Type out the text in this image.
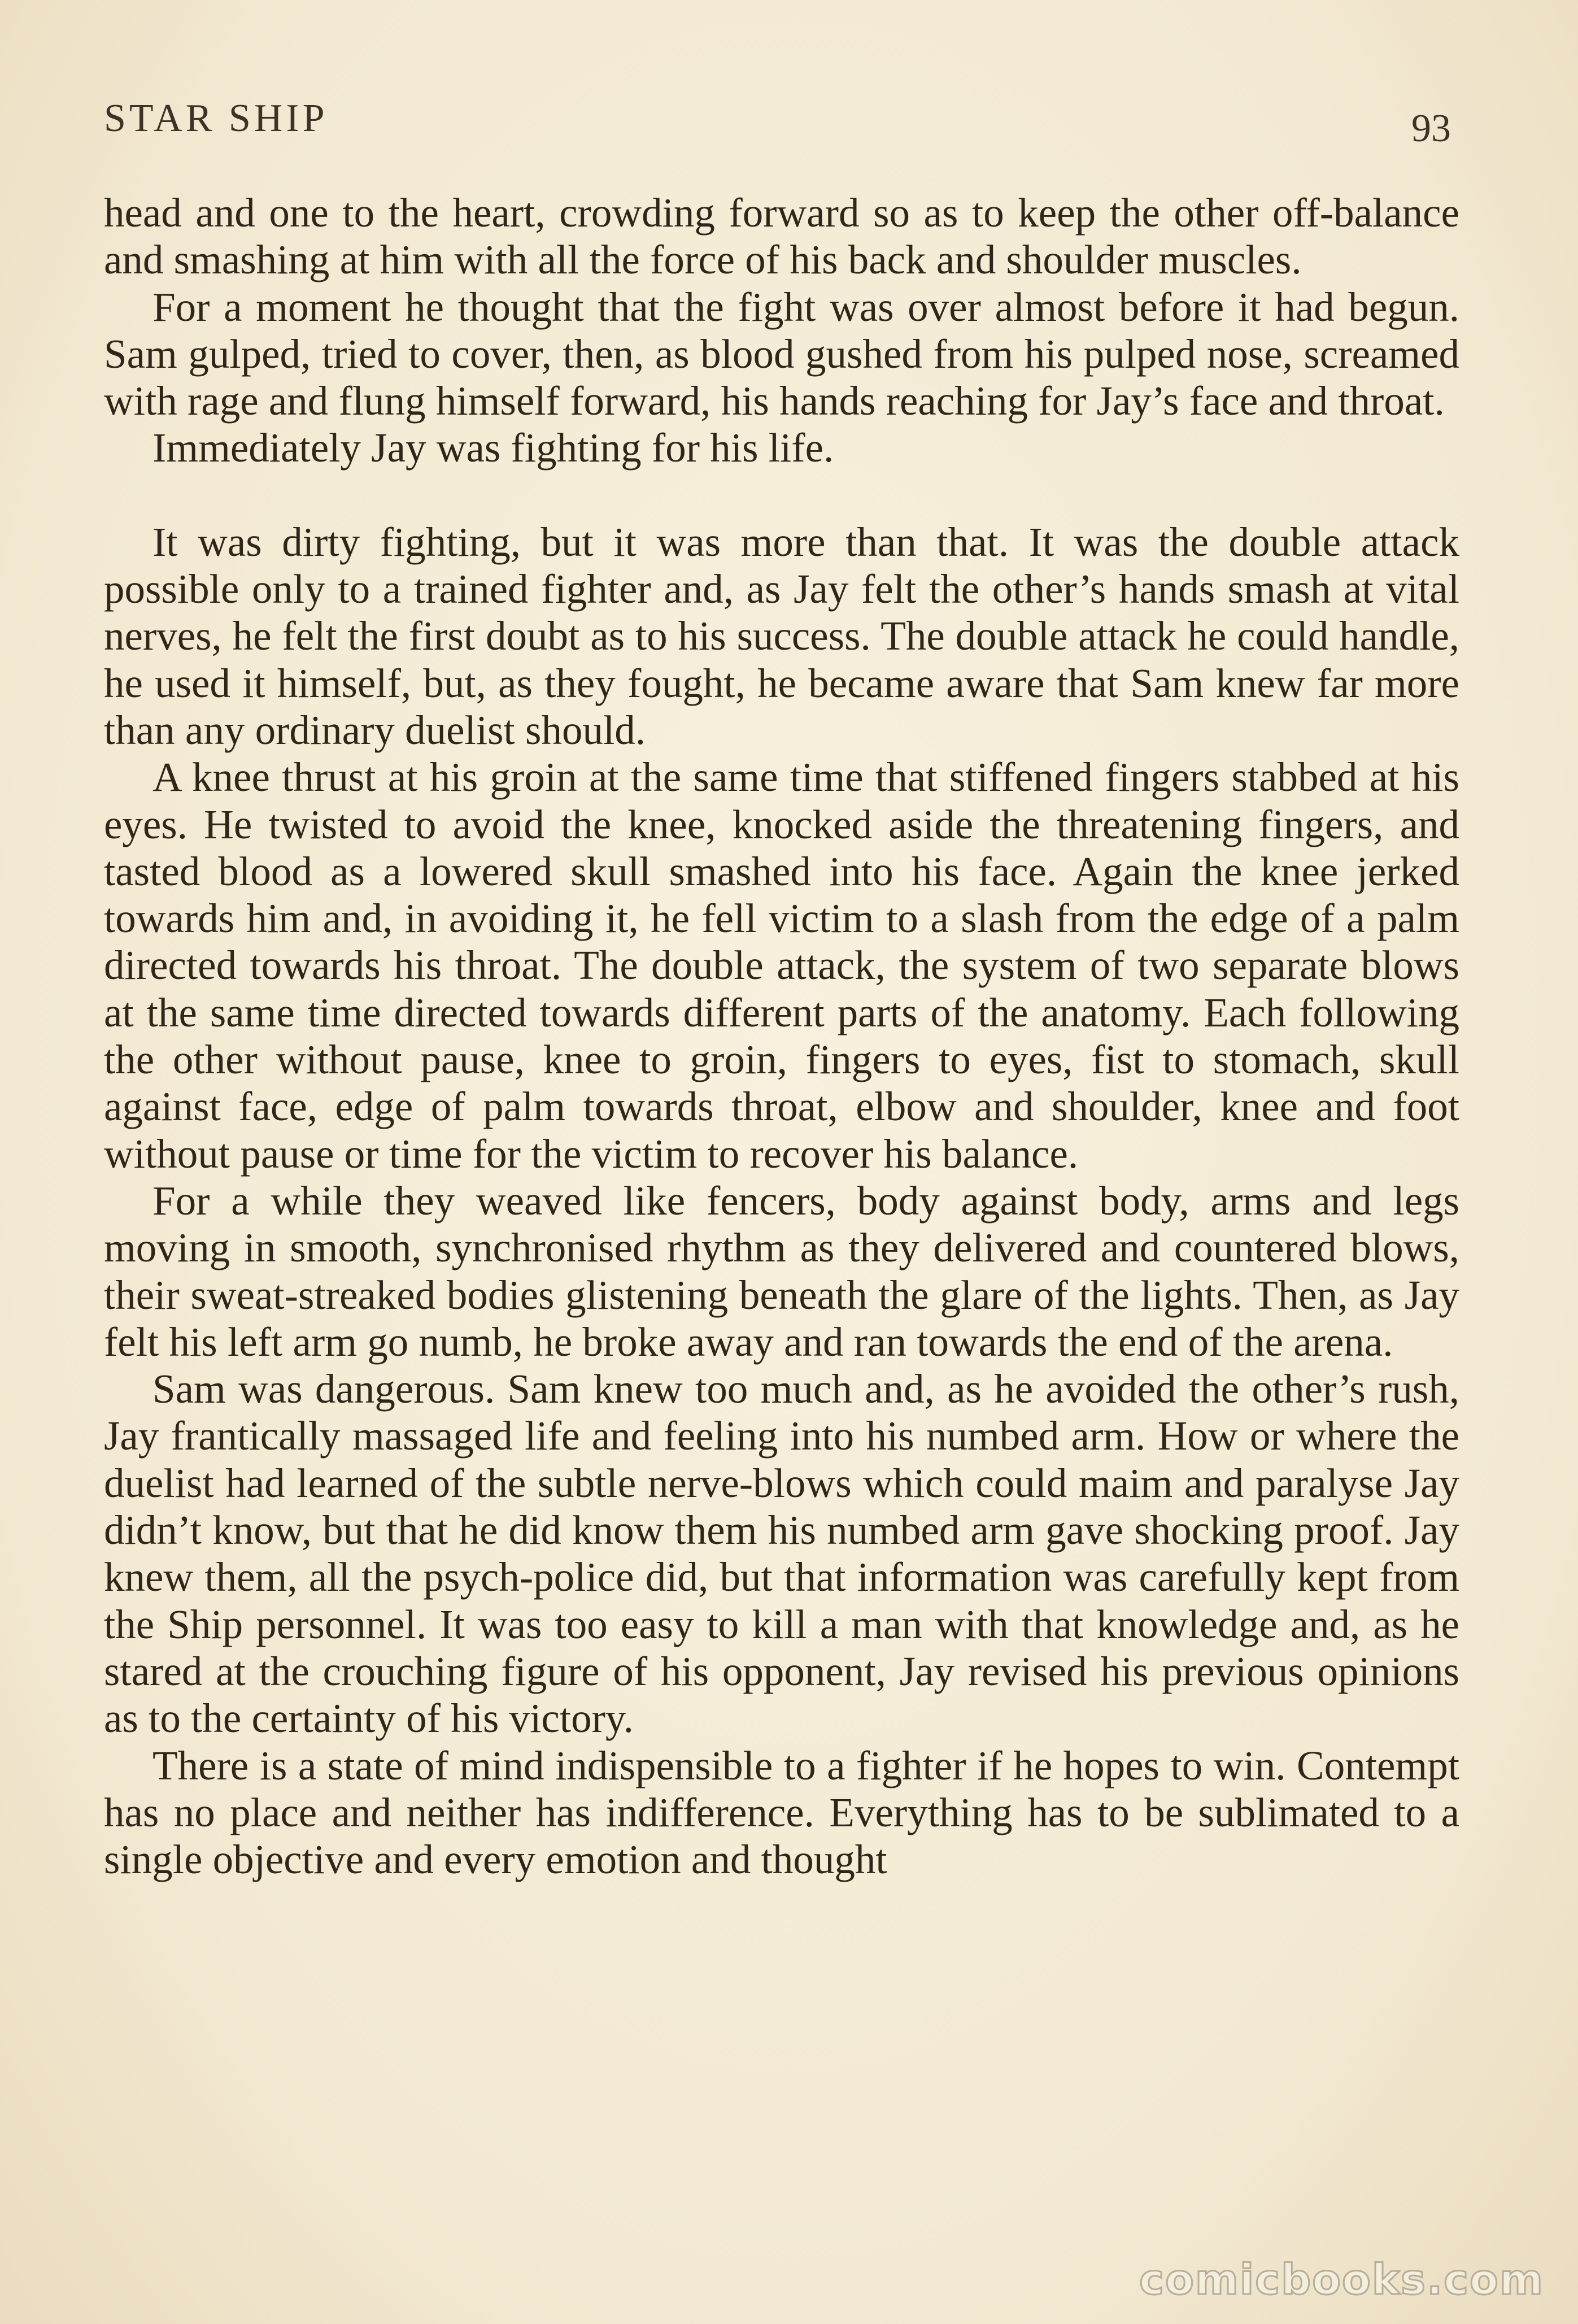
STAR SHIP	93

head and one to the heart, crowding forward so as to keep the other off-balance and smashing at him with all the force of his back and shoulder muscles.

For a moment he thought that the fight was over almost before it had begun. Sam gulped, tried to cover, then, as blood gushed from his pulped nose, screamed with rage and flung himself forward, his hands reaching for Jay’s face and throat.

Immediately Jay was fighting for his life.

It was dirty fighting, but it was more than that. It was the double attack possible only to a trained fighter and, as Jay felt the other’s hands smash at vital nerves, he felt the first doubt as to his success. The double attack he could handle, he used it himself, but, as they fought, he became aware that Sam knew far more than any ordinary duelist should.

A knee thrust at his groin at the same time that stiffened fingers stabbed at his eyes. He twisted to avoid the knee, knocked aside the threatening fingers, and tasted blood as a lowered skull smashed into his face. Again the knee jerked towards him and, in avoiding it, he fell victim to a slash from the edge of a palm directed towards his throat. The double attack, the system of two separate blows at the same time directed towards different parts of the anatomy. Each following the other without pause, knee to groin, fingers to eyes, fist to stomach, skull against face, edge of palm towards throat, elbow and shoulder, knee and foot without pause or time for the victim to recover his balance.

For a while they weaved like fencers, body against body, arms and legs moving in smooth, synchronised rhythm as they delivered and countered blows, their sweat-streaked bodies glistening beneath the glare of the lights. Then, as Jay felt his left arm go numb, he broke away and ran towards the end of the arena.

Sam was dangerous. Sam knew too much and, as he avoided the other’s rush, Jay frantically massaged life and feeling into his numbed arm. How or where the duelist had learned of the subtle nerve-blows which could maim and paralyse Jay didn’t know, but that he did know them his numbed arm gave shocking proof. Jay knew them, all the psych-police did, but that information was carefully kept from the Ship personnel. It was too easy to kill a man with that knowledge and, as he stared at the crouching figure of his opponent, Jay revised his previous opinions as to the certainty of his victory.

There is a state of mind indispensible to a fighter if he hopes to win. Contempt has no place and neither has indifference. Everything has to be sublimated to a single objective and every emotion and thought

comicbooks.com
